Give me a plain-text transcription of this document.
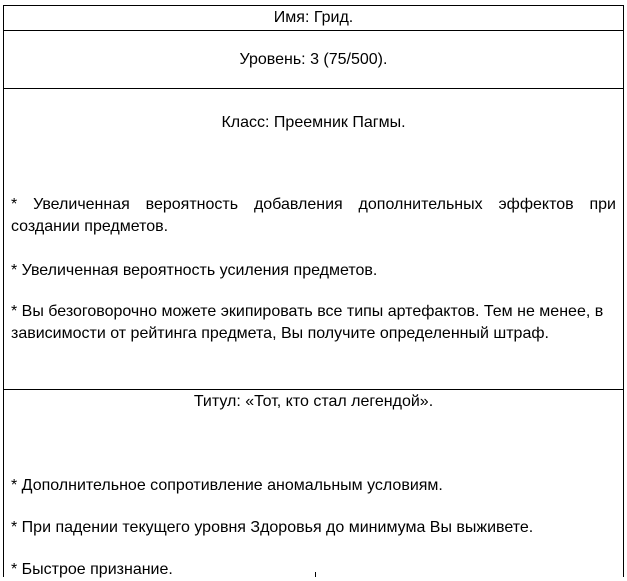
Имя: Грид.
Уровень: 3 (75/500).
Класс: Преемник Пагмы.
* Увеличенная вероятность добавления дополнительных эффектов при создании предметов.
* Увеличенная вероятность усиления предметов.
* Вы безоговорочно можете экипировать все типы артефактов. Тем не менее, в зависимости от рейтинга предмета, Вы получите определенный штраф.
Титул: «Тот, кто стал легендой».
* Дополнительное сопротивление аномальным условиям.
* При падении текущего уровня Здоровья до минимума Вы выживете.
* Быстрое признание.
